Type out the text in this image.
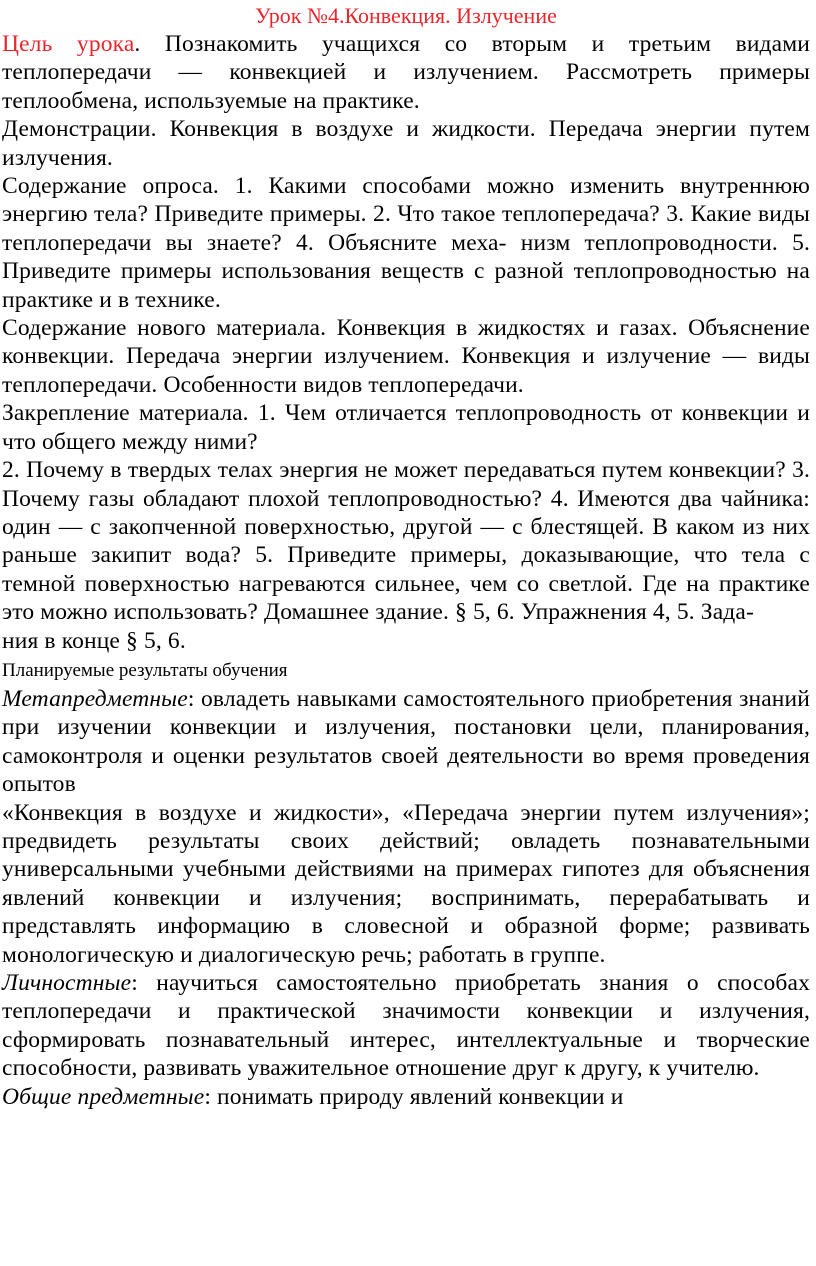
Урок №4.Конвекция. Излучение

Цель урока. Познакомить учащихся со вторым и третьим видами теплопередачи — конвекцией и излучением. Рассмотреть примеры теплообмена, используемые на практике.

Демонстрации. Конвекция в воздухе и жидкости. Передача энергии путем излучения.

Содержание опроса. 1. Какими способами можно изменить внутреннюю энергию тела? Приведите примеры. 2. Что такое теплопередача? 3. Какие виды теплопередачи вы знаете? 4. Объясните меха- низм теплопроводности. 5. Приведите примеры использования веществ с разной теплопроводностью на практике и в технике.

Содержание нового материала. Конвекция в жидкостях и газах. Объяснение конвекции. Передача энергии излучением. Конвекция и излучение — виды теплопередачи. Особенности видов теплопередачи.

Закрепление материала. 1. Чем отличается теплопроводность от конвекции и что общего между ними?

2. Почему в твердых телах энергия не может передаваться путем конвекции? 3. Почему газы обладают плохой теплопроводностью? 4. Имеются два чайника: один — с закопченной поверхностью, другой — с блестящей. В каком из них раньше закипит вода? 5. Приведите примеры, доказывающие, что тела с темной поверхностью нагреваются сильнее, чем со светлой. Где на практике это можно использовать? Домашнее здание. § 5, 6. Упражнения 4, 5. Зада-

ния в конце § 5, 6.

Планируемые результаты обучения

Метапредметные: овладеть навыками самостоятельного приобретения знаний при изучении конвекции и излучения, постановки цели, планирования, самоконтроля и оценки результатов своей деятельности во время проведения опытов

«Конвекция в воздухе и жидкости», «Передача энергии путем излучения»; предвидеть результаты своих действий; овладеть познавательными универсальными учебными действиями на примерах гипотез для объяснения явлений конвекции и излучения; воспринимать, перерабатывать и представлять информацию в словесной и образной форме; развивать монологическую и диалогическую речь; работать в группе.

Личностные: научиться самостоятельно приобретать знания о способах теплопередачи и практической значимости конвекции и излучения, сформировать познавательный интерес, интеллектуальные и творческие способности, развивать уважительное отношение друг к другу, к учителю.

Общие предметные: понимать природу явлений конвекции и
